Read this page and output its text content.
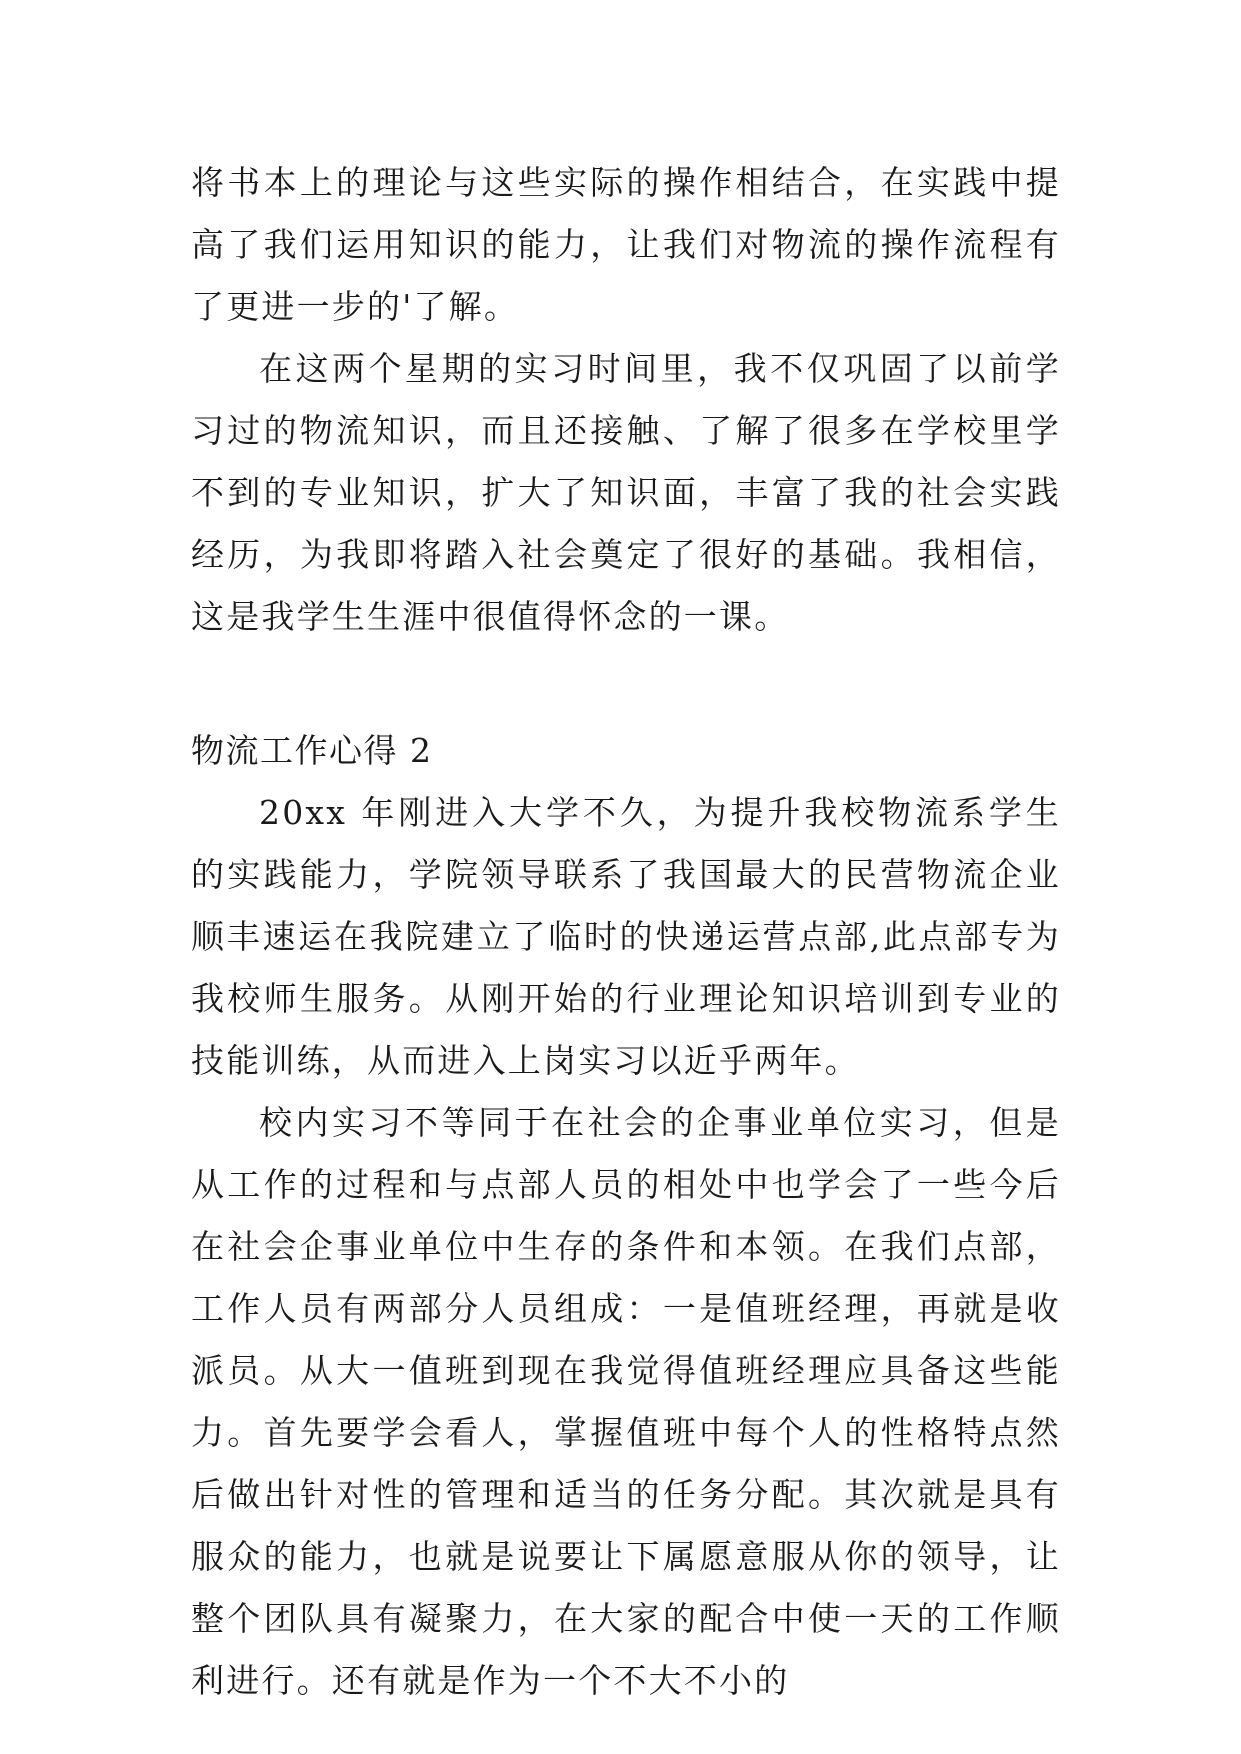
将书本上的理论与这些实际的操作相结合，在实践中提高了我们运用知识的能力，让我们对物流的操作流程有了更进一步的'了解。

在这两个星期的实习时间里，我不仅巩固了以前学习过的物流知识，而且还接触、了解了很多在学校里学不到的专业知识，扩大了知识面，丰富了我的社会实践经历，为我即将踏入社会奠定了很好的基础。我相信，这是我学生生涯中很值得怀念的一课。

物流工作心得 2

20xx 年刚进入大学不久，为提升我校物流系学生的实践能力，学院领导联系了我国最大的民营物流企业顺丰速运在我院建立了临时的快递运营点部,此点部专为我校师生服务。从刚开始的行业理论知识培训到专业的技能训练，从而进入上岗实习以近乎两年。

校内实习不等同于在社会的企事业单位实习，但是从工作的过程和与点部人员的相处中也学会了一些今后在社会企事业单位中生存的条件和本领。在我们点部，工作人员有两部分人员组成：一是值班经理，再就是收派员。从大一值班到现在我觉得值班经理应具备这些能力。首先要学会看人，掌握值班中每个人的性格特点然后做出针对性的管理和适当的任务分配。其次就是具有服众的能力，也就是说要让下属愿意服从你的领导，让整个团队具有凝聚力，在大家的配合中使一天的工作顺利进行。还有就是作为一个不大不小的
